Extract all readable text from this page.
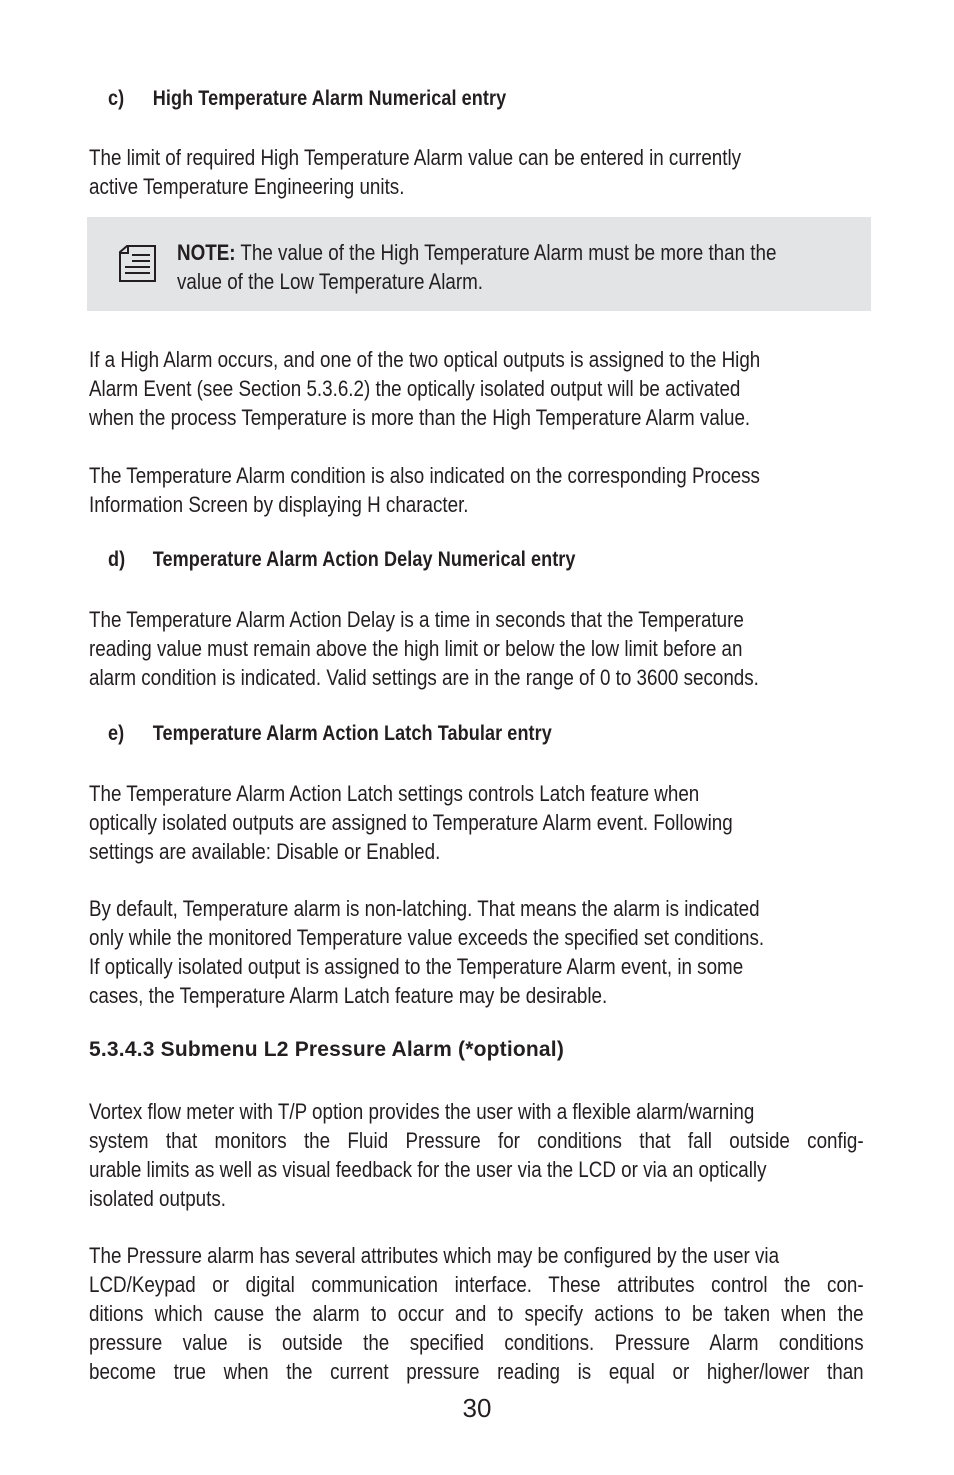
c) High Temperature Alarm Numerical entry
The limit of required High Temperature Alarm value can be entered in currently
active Temperature Engineering units.
NOTE: The value of the High Temperature Alarm must be more than the
value of the Low Temperature Alarm.
If a High Alarm occurs, and one of the two optical outputs is assigned to the High
Alarm Event (see Section 5.3.6.2) the optically isolated output will be activated
when the process Temperature is more than the High Temperature Alarm value.
The Temperature Alarm condition is also indicated on the corresponding Process
Information Screen by displaying H character.
d) Temperature Alarm Action Delay Numerical entry
The Temperature Alarm Action Delay is a time in seconds that the Temperature
reading value must remain above the high limit or below the low limit before an
alarm condition is indicated. Valid settings are in the range of 0 to 3600 seconds.
e) Temperature Alarm Action Latch Tabular entry
The Temperature Alarm Action Latch settings controls Latch feature when
optically isolated outputs are assigned to Temperature Alarm event. Following
settings are available: Disable or Enabled.
By default, Temperature alarm is non-latching. That means the alarm is indicated
only while the monitored Temperature value exceeds the specified set conditions.
If optically isolated output is assigned to the Temperature Alarm event, in some
cases, the Temperature Alarm Latch feature may be desirable.
5.3.4.3 Submenu L2 Pressure Alarm (*optional)
Vortex flow meter with T/P option provides the user with a flexible alarm/warning
system that monitors the Fluid Pressure for conditions that fall outside config-
urable limits as well as visual feedback for the user via the LCD or via an optically
isolated outputs.
The Pressure alarm has several attributes which may be configured by the user via
LCD/Keypad or digital communication interface. These attributes control the con-
ditions which cause the alarm to occur and to specify actions to be taken when the
pressure value is outside the specified conditions. Pressure Alarm conditions
become true when the current pressure reading is equal or higher/lower than
30
